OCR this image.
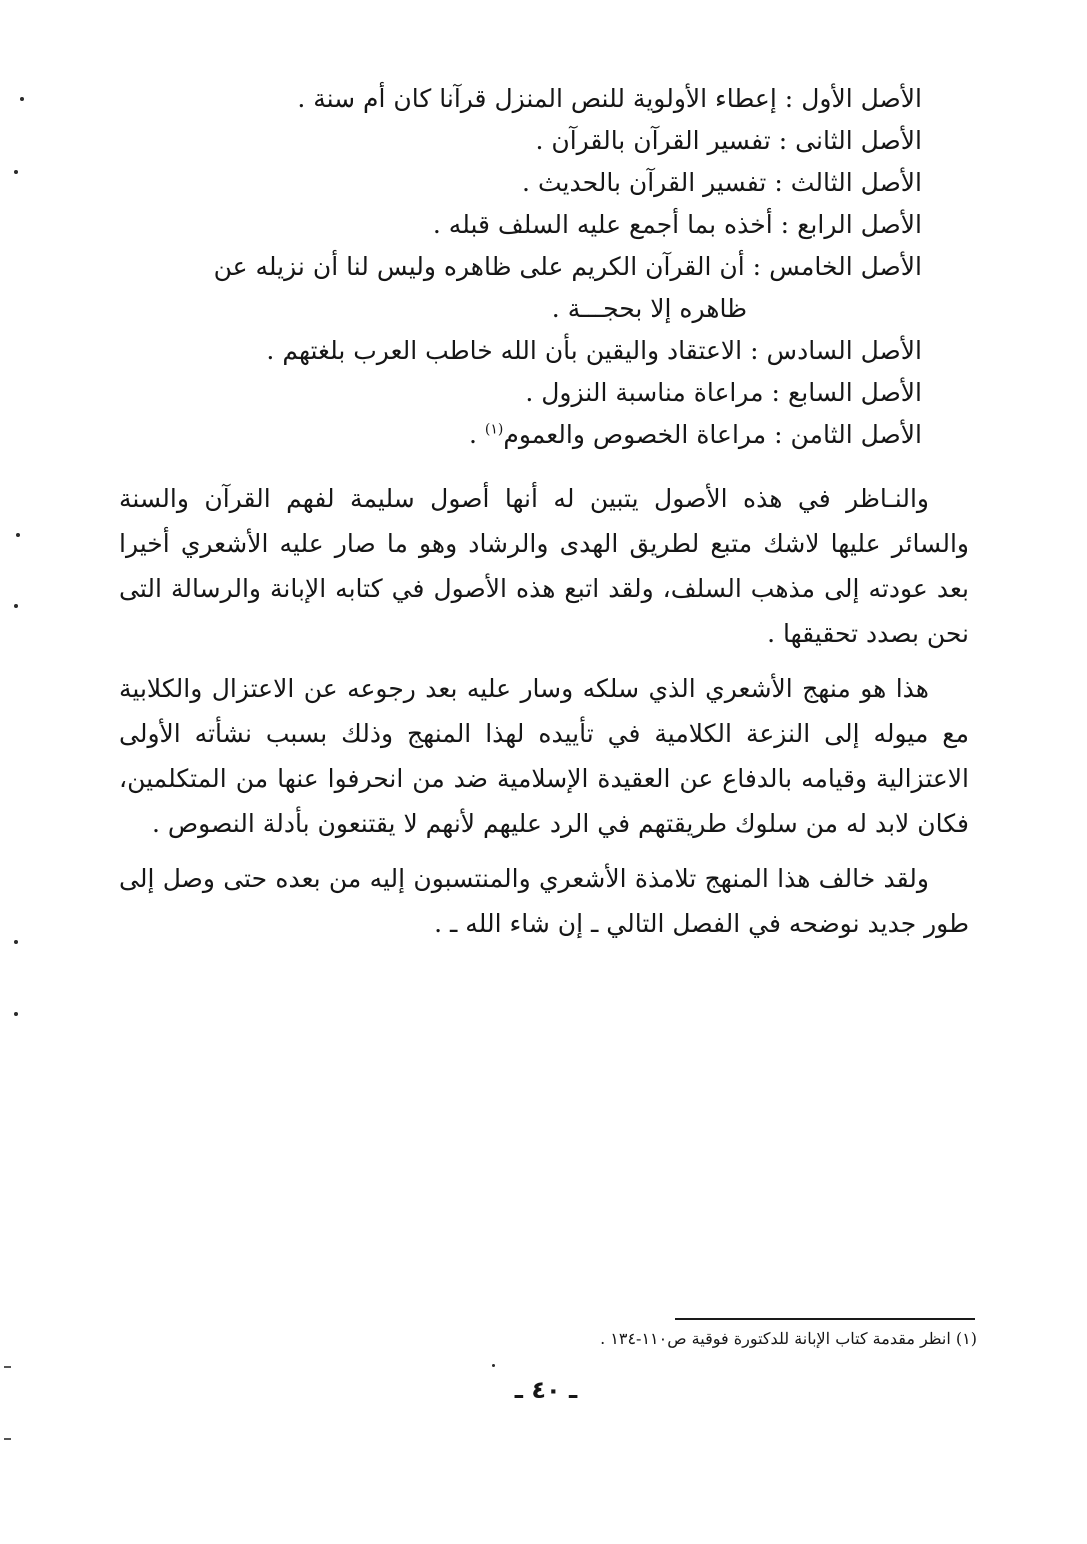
الأصل الأول:إعطاء الأولوية للنص المنزل قرآنا كان أم سنة .

الأصل الثانى:تفسير القرآن بالقرآن .

الأصل الثالث:تفسير القرآن بالحديث .

الأصل الرابع:أخذه بما أجمع عليه السلف قبله .

الأصل الخامس:أن القرآن الكريم على ظاهره وليس لنا أن نزيله عن ظاهره إلا بحجـــة .

الأصل السادس:الاعتقاد واليقين بأن الله خاطب العرب بلغتهم .

الأصل السابع:مراعاة مناسبة النزول .

الأصل الثامن:مراعاة الخصوص والعموم$^{(١)}$ .

والنـاظر في هذه الأصول يتبين له أنها أصول سليمة لفهم القرآن والسنة والسائر عليها لاشك متبع لطريق الهدى والرشاد وهو ما صار عليه الأشعري أخيرا بعد عودته إلى مذهب السلف، ولقد اتبع هذه الأصول في كتابه الإبانة والرسالة التى نحن بصدد تحقيقها .

هذا هو منهج الأشعري الذي سلكه وسار عليه بعد رجوعه عن الاعتزال والكلابية مع ميوله إلى النزعة الكلامية في تأييده لهذا المنهج وذلك بسبب نشأته الأولى الاعتزالية وقيامه بالدفاع عن العقيدة الإسلامية ضد من انحرفوا عنها من المتكلمين، فكان لابد له من سلوك طريقتهم في الرد عليهم لأنهم لا يقتنعون بأدلة النصوص .

ولقد خالف هذا المنهج تلامذة الأشعري والمنتسبون إليه من بعده حتى وصل إلى طور جديد نوضحه في الفصل التالي ـ إن شاء الله ـ .

(١) انظر مقدمة كتاب الإبانة للدكتورة فوقية ص١١٠-١٣٤ .
ـ ٤٠ ـ
